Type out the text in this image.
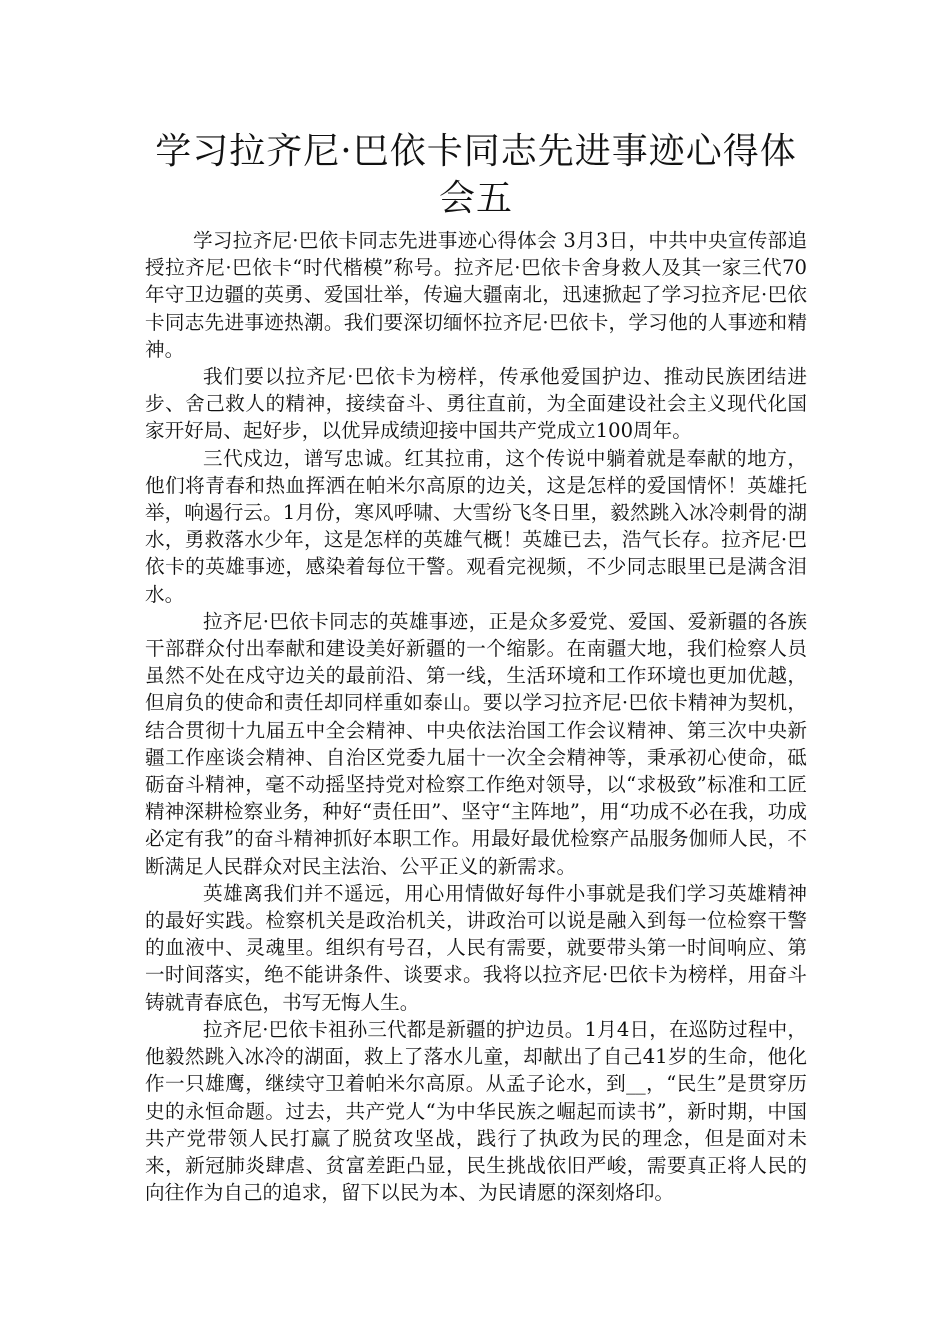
学习拉齐尼·巴依卡同志先进事迹心得体会五

学习拉齐尼·巴依卡同志先进事迹心得体会 3月3日，中共中央宣传部追授拉齐尼·巴依卡“时代楷模”称号。拉齐尼·巴依卡舍身救人及其一家三代70年守卫边疆的英勇、爱国壮举，传遍大疆南北，迅速掀起了学习拉齐尼·巴依卡同志先进事迹热潮。我们要深切缅怀拉齐尼·巴依卡，学习他的人事迹和精神。

我们要以拉齐尼·巴依卡为榜样，传承他爱国护边、推动民族团结进步、舍己救人的精神，接续奋斗、勇往直前，为全面建设社会主义现代化国家开好局、起好步，以优异成绩迎接中国共产党成立100周年。

三代戍边，谱写忠诚。红其拉甫，这个传说中躺着就是奉献的地方，他们将青春和热血挥洒在帕米尔高原的边关，这是怎样的爱国情怀！英雄托举，响遏行云。1月份，寒风呼啸、大雪纷飞冬日里，毅然跳入冰冷刺骨的湖水，勇救落水少年，这是怎样的英雄气概！英雄已去，浩气长存。拉齐尼·巴依卡的英雄事迹，感染着每位干警。观看完视频，不少同志眼里已是满含泪水。

拉齐尼·巴依卡同志的英雄事迹，正是众多爱党、爱国、爱新疆的各族干部群众付出奉献和建设美好新疆的一个缩影。在南疆大地，我们检察人员虽然不处在戍守边关的最前沿、第一线，生活环境和工作环境也更加优越，但肩负的使命和责任却同样重如泰山。要以学习拉齐尼·巴依卡精神为契机，结合贯彻十九届五中全会精神、中央依法治国工作会议精神、第三次中央新疆工作座谈会精神、自治区党委九届十一次全会精神等，秉承初心使命，砥砺奋斗精神，毫不动摇坚持党对检察工作绝对领导，以“求极致”标准和工匠精神深耕检察业务，种好“责任田”、坚守“主阵地”，用“功成不必在我，功成必定有我”的奋斗精神抓好本职工作。用最好最优检察产品服务伽师人民，不断满足人民群众对民主法治、公平正义的新需求。

英雄离我们并不遥远，用心用情做好每件小事就是我们学习英雄精神的最好实践。检察机关是政治机关，讲政治可以说是融入到每一位检察干警的血液中、灵魂里。组织有号召，人民有需要，就要带头第一时间响应、第一时间落实，绝不能讲条件、谈要求。我将以拉齐尼·巴依卡为榜样，用奋斗铸就青春底色，书写无悔人生。

拉齐尼·巴依卡祖孙三代都是新疆的护边员。1月4日，在巡防过程中，他毅然跳入冰冷的湖面，救上了落水儿童，却献出了自己41岁的生命，他化作一只雄鹰，继续守卫着帕米尔高原。从孟子论水，到__，“民生”是贯穿历史的永恒命题。过去，共产党人“为中华民族之崛起而读书”，新时期，中国共产党带领人民打赢了脱贫攻坚战，践行了执政为民的理念，但是面对未来，新冠肺炎肆虐、贫富差距凸显，民生挑战依旧严峻，需要真正将人民的向往作为自己的追求，留下以民为本、为民请愿的深刻烙印。
